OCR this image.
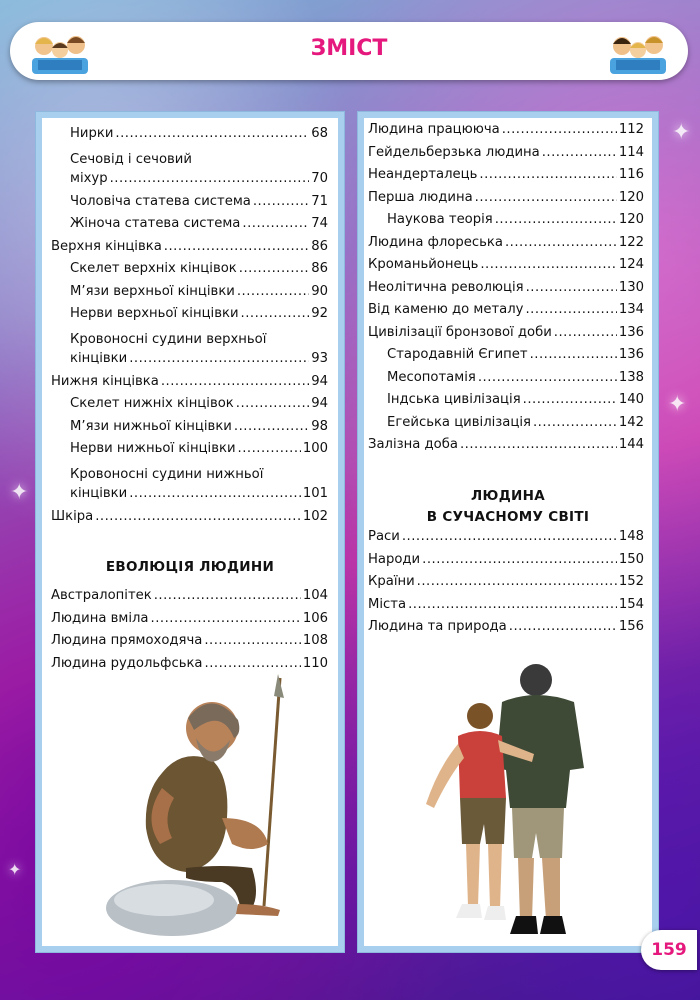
✦
✦
✦
✦
ЗМІСТ
Нирки .....	68
Сечовід і сечовий
міхур .....	70
Чоловіча статева система .....	71
Жіноча статева система .....	74
Верхня кінцівка .....	86
Скелет верхніх кінцівок .....	86
М’язи верхньої кінцівки .....	90
Нерви верхньої кінцівки .....	92
Кровоносні судини верхньої
кінцівки .....	93
Нижня кінцівка .....	94
Скелет нижніх кінцівок .....	94
М’язи нижньої кінцівки .....	98
Нерви нижньої кінцівки .....	100
Кровоносні судини нижньої
кінцівки .....	101
Шкіра .....	102
ЕВОЛЮЦІЯ ЛЮДИНИ
Австралопітек .....	104
Людина вміла .....	106
Людина прямоходяча .....	108
Людина рудольфська .....	110
Людина працююча .....	112
Гейдельберзька людина .....	114
Неандерталець .....	116
Перша людина .....	120
Наукова теорія .....	120
Людина флореська .....	122
Кроманьйонець .....	124
Неолітична революція .....	130
Від каменю до металу .....	134
Цивілізації бронзової доби .....	136
Стародавній Єгипет .....	136
Месопотамія .....	138
Індська цивілізація .....	140
Егейська цивілізація .....	142
Залізна доба .....	144
ЛЮДИНА
В СУЧАСНОМУ СВІТІ
Раси .....	148
Народи .....	150
Країни .....	152
Міста .....	154
Людина та природа .....	156
159
